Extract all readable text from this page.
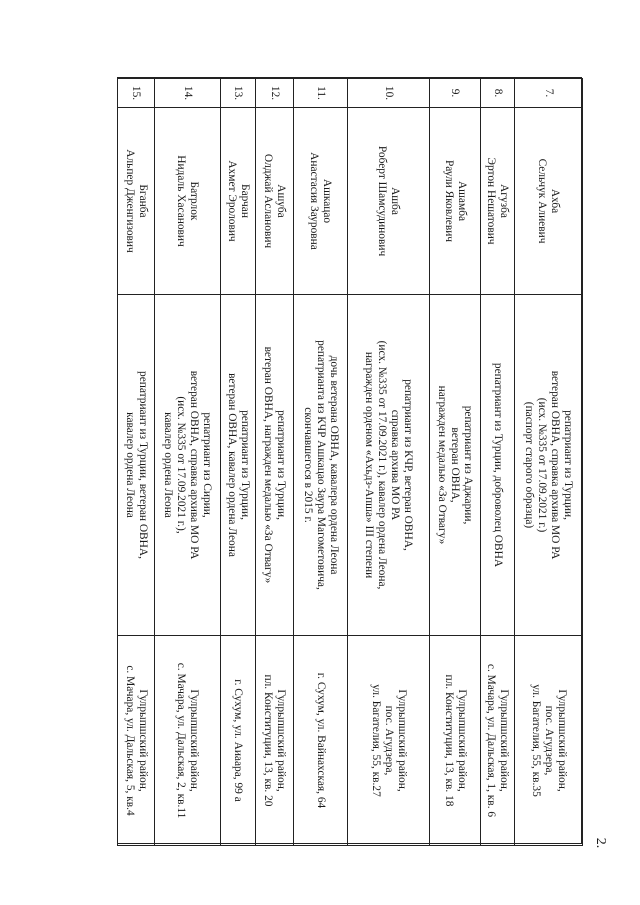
2.
7.	Ахба
Сельчук Алиевич	репатриант из Турции,
ветеран ОВНА, справка архива МО РА
(исх. №335 от 17.09.2021 г.)
(паспорт старого образца)	Гулрыпшский район,
пос. Агудзера,
ул. Багателия, 55, кв.35

8.	Агузба
Эртон Нешатович	репатриант из Турции, доброволец ОВНА	Гулрыпшский район,
с. Мачара, ул. Дальская, 1, кв. 6

9.	Ашамба
Раули Яковлевич	репатриант из Аджарии,
ветеран ОВНА,
награжден медалью «За Отвагу»	Гулрыпшский район,
пл. Конституции, 13, кв. 18

10.	Ашба
Роберт Шамсудинович	репатриант из КЧР, ветеран ОВНА,
справка архива МО РА
(исх. №335 от 17.09.2021 г.), кавалер ордена Леона,
награжден орденом «Ахьдз-Апша» III степени	Гулрыпшский район,
пос. Агудзера,
ул. Багателия, 55, кв.27

11.	Ашкацао
Анастасия Зауровна	дочь ветерана ОВНА, кавалера ордена Леона
репатрианта из КЧР Ашкацао Заура Магометовича,
скончавшегося в 2015 г.	г. Сухум, ул. Вайнахская, 64

12.	Ашуба
Олджай Асланович	репатриант из Турции,
ветеран ОВНА, награжден медалью «За Отвагу»	Гулрыпшский район,
пл. Конституции, 13, кв. 20

13.	Барчан
Ахмет Эролович	репатриант из Турции,
ветеран ОВНА, кавалер ордена Леона	г. Сухум, ул. Аиаара, 99 а

14.	Батрлок
Нидаль Хасанович	репатриант из Сирии,
ветеран ОВНА, справка архива МО РА
(исх. №335 от 17.09.2021 г.),
кавалер ордена Леона	Гулрыпшский район,
с. Мачара, ул. Дальская, 2, кв.11

15.	Бганба
Альпер Дженгизович	репатриант из Турции, ветеран ОВНА,
кавалер ордена Леона	Гулрыпшский район,
с. Мачара, ул. Дальская, 5, кв.4
